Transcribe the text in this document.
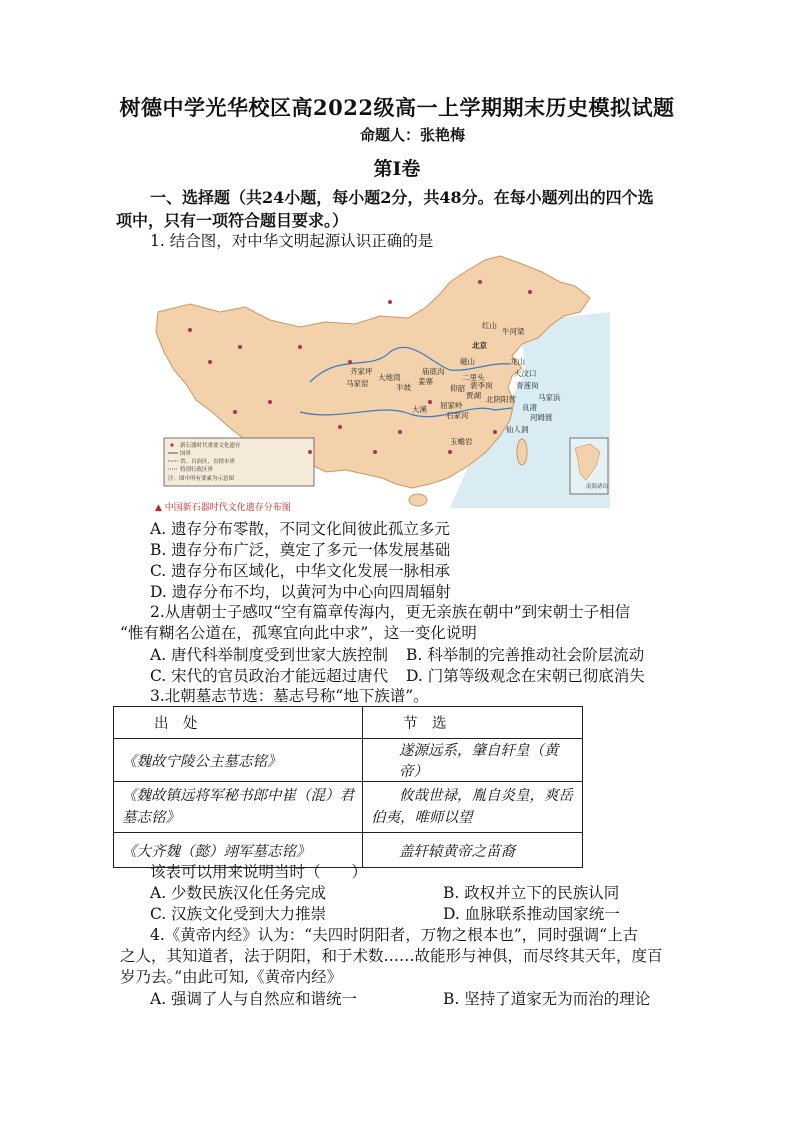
树德中学光华校区高2022级高一上学期期末历史模拟试题
命题人：张艳梅
第Ⅰ卷
一、选择题（共24小题，每小题2分，共48分。在每小题列出的四个选
项中，只有一项符合题目要求。）
1. 结合图，对中华文明起源认识正确的是
新石器时代重要文化遗存
国界
省、自治区、直辖市界
特别行政区界
注：图中所有要素为示意图
红山
北京
齐家坪
大地湾
马家窑	半坡
姜寨
庙底沟
仰韶
大汶口
龙山
二里头
裴李岗
贾湖 北阴阳营
屈家岭
大溪	良渚
河姆渡
马家浜
石家河
仙人洞
玉蟾岩
磁山
青莲岗
牛河梁
南海诸岛
▲ 中国新石器时代文化遗存分布图
A. 遗存分布零散，不同文化间彼此孤立多元
B. 遗存分布广泛，奠定了多元一体发展基础
C. 遗存分布区域化，中华文化发展一脉相承
D. 遗存分布不均，以黄河为中心向四周辐射
2.从唐朝士子感叹“空有篇章传海内，更无亲族在朝中”到宋朝士子相信
“惟有糊名公道在，孤寒宜向此中求”，这一变化说明
A. 唐代科举制度受到世家大族控制 B. 科举制的完善推动社会阶层流动
C. 宋代的官员政治才能远超过唐代 D. 门第等级观念在宋朝已彻底消失
3.北朝墓志节选：墓志号称“地下族谱”。
出　处	节　选
《魏故宁陵公主墓志铭》	遂源远系，肇自轩皇（黄帝）
《魏故镇远将军秘书郎中崔（混）君墓志铭》	攸哉世禄，胤自炎皇，爽岳伯夷，唯师以望
《大齐魏（懿）翊军墓志铭》	盖轩辕黄帝之苗裔
该表可以用来说明当时（　　）
A. 少数民族汉化任务完成	B. 政权并立下的民族认同
C. 汉族文化受到大力推崇	D. 血脉联系推动国家统一
4.《黄帝内经》认为：“夫四时阴阳者，万物之根本也”，同时强调“上古
之人，其知道者，法于阴阳，和于术数……故能形与神俱，而尽终其天年，度百
岁乃去。”由此可知,《黄帝内经》
A. 强调了人与自然应和谐统一	B. 坚持了道家无为而治的理论
